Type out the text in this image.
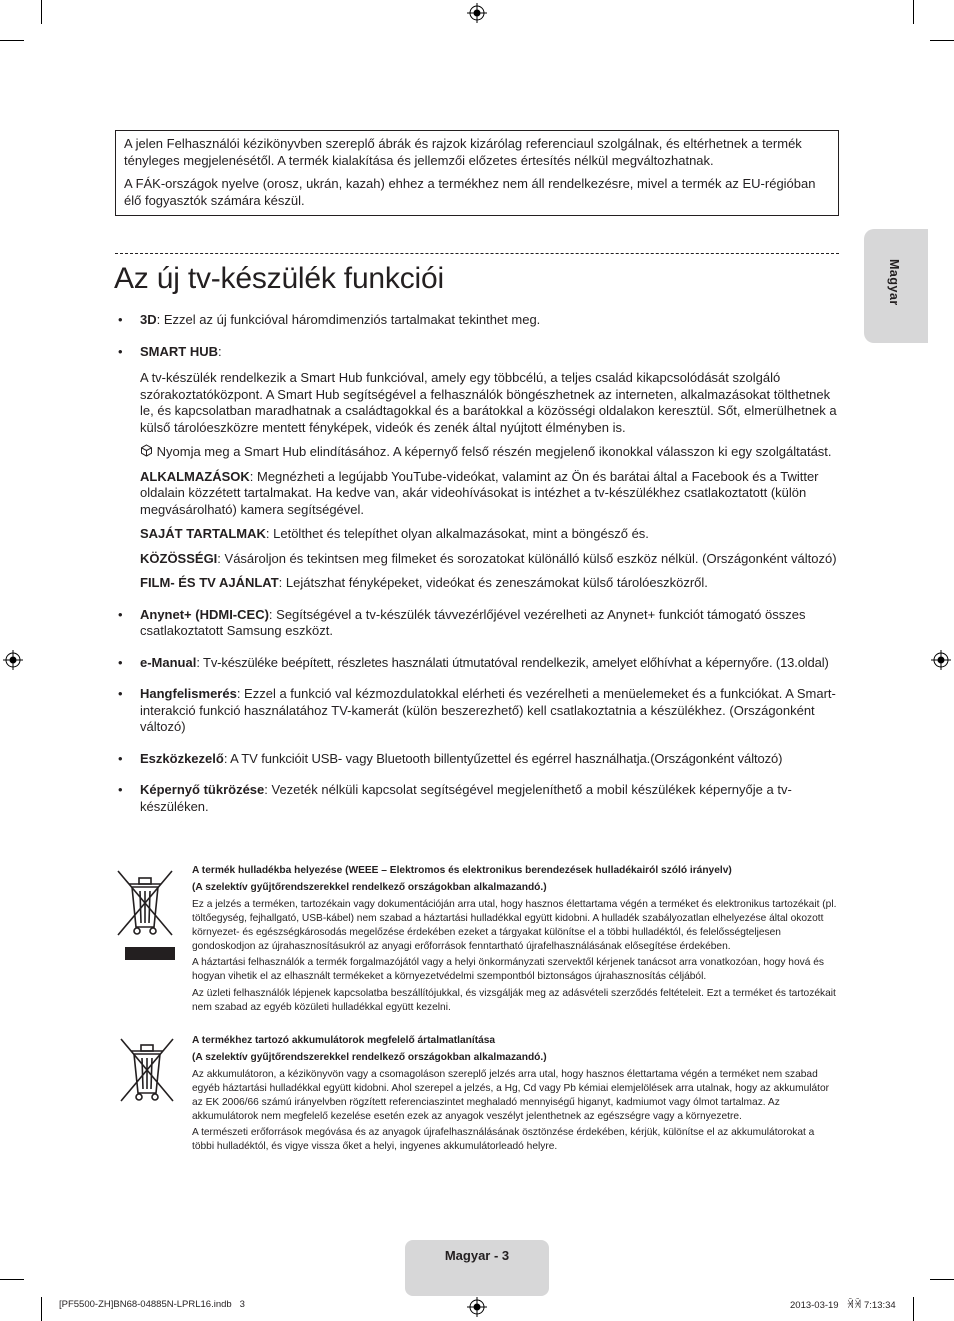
A jelen Felhasználói kézikönyvben szereplő ábrák és rajzok kizárólag referenciaul szolgálnak, és eltérhetnek a termék tényleges megjelenésétől. A termék kialakítása és jellemzői előzetes értesítés nélkül megváltozhatnak.

A FÁK-országok nyelve (orosz, ukrán, kazah) ehhez a termékhez nem áll rendelkezésre, mivel a termék az EU-régióban élő fogyasztók számára készül.

Az új tv-készülék funkciói	Magyar
• 3D: Ezzel az új funkcióval háromdimenziós tartalmakat tekinthet meg.
• SMART HUB:

A tv-készülék rendelkezik a Smart Hub funkcióval, amely egy többcélú, a teljes család kikapcsolódását szolgáló szórakoztatóközpont. A Smart Hub segítségével a felhasználók böngészhetnek az interneten, alkalmazásokat tölthetnek le, és kapcsolatban maradhatnak a családtagokkal és a barátokkal a közösségi oldalakon keresztül. Sőt, elmerülhetnek a külső tárolóeszközre mentett fényképek, videók és zenék által nyújtott élményben is.

Nyomja meg a Smart Hub elindításához. A képernyő felső részén megjelenő ikonokkal válasszon ki egy szolgáltatást.

ALKALMAZÁSOK: Megnézheti a legújabb YouTube-videókat, valamint az Ön és barátai által a Facebook és a Twitter oldalain közzétett tartalmakat. Ha kedve van, akár videohívásokat is intézhet a tv-készülékhez csatlakoztatott (külön megvásárolható) kamera segítségével.

SAJÁT TARTALMAK: Letölthet és telepíthet olyan alkalmazásokat, mint a böngésző és.

KÖZÖSSÉGI: Vásároljon és tekintsen meg filmeket és sorozatokat különálló külső eszköz nélkül. (Országonként változó)

FILM- ÉS TV AJÁNLAT: Lejátszhat fényképeket, videókat és zeneszámokat külső tárolóeszközről.

• Anynet+ (HDMI-CEC): Segítségével a tv-készülék távvezérlőjével vezérelheti az Anynet+ funkciót támogató összes csatlakoztatott Samsung eszközt.
• e-Manual: Tv-készüléke beépített, részletes használati útmutatóval rendelkezik, amelyet előhívhat a képernyőre. (13.oldal)
• Hangfelismerés: Ezzel a funkció val kézmozdulatokkal elérheti és vezérelheti a menüelemeket és a funkciókat. A Smart-interakció funkció használatához TV-kamerát (külön beszerezhető) kell csatlakoztatnia a készülékhez. (Országonként változó)
• Eszközkezelő: A TV funkcióit USB- vagy Bluetooth billentyűzettel és egérrel használhatja.(Országonként változó)
• Képernyő tükrözése: Vezeték nélküli kapcsolat segítségével megjeleníthető a mobil készülékek képernyője a tv-készüléken.

A termék hulladékba helyezése (WEEE – Elektromos és elektronikus berendezések hulladékairól szóló irányelv)

(A szelektív gyűjtőrendszerekkel rendelkező országokban alkalmazandó.)

Ez a jelzés a terméken, tartozékain vagy dokumentációján arra utal, hogy hasznos élettartama végén a terméket és elektronikus tartozékait (pl. töltőegység, fejhallgató, USB-kábel) nem szabad a háztartási hulladékkal együtt kidobni. A hulladék szabályozatlan elhelyezése által okozott környezet- és egészségkárosodás megelőzése érdekében ezeket a tárgyakat különítse el a többi hulladéktól, és felelősségteljesen gondoskodjon az újrahasznosításukról az anyagi erőforrások fenntartható újrafelhasználásának elősegítése érdekében.

A háztartási felhasználók a termék forgalmazójától vagy a helyi önkormányzati szervektől kérjenek tanácsot arra vonatkozóan, hogy hová és hogyan vihetik el az elhasznált termékeket a környezetvédelmi szempontból biztonságos újrahasznosítás céljából.

Az üzleti felhasználók lépjenek kapcsolatba beszállítójukkal, és vizsgálják meg az adásvételi szerződés feltételeit. Ezt a terméket és tartozékait nem szabad az egyéb közületi hulladékkal együtt kezelni.

A termékhez tartozó akkumulátorok megfelelő ártalmatlanítása

(A szelektív gyűjtőrendszerekkel rendelkező országokban alkalmazandó.)

Az akkumulátoron, a kézikönyvön vagy a csomagoláson szereplő jelzés arra utal, hogy hasznos élettartama végén a terméket nem szabad egyéb háztartási hulladékkal együtt kidobni. Ahol szerepel a jelzés, a Hg, Cd vagy Pb kémiai elemjelölések arra utalnak, hogy az akkumulátor az EK 2006/66 számú irányelvben rögzített referenciaszintet meghaladó mennyiségű higanyt, kadmiumot vagy ólmot tartalmaz. Az akkumulátorok nem megfelelő kezelése esetén ezek az anyagok veszélyt jelenthetnek az egészségre vagy a környezetre.

A természeti erőforrások megóvása és az anyagok újrafelhasználásának ösztönzése érdekében, kérjük, különítse el az akkumulátorokat a többi hulladéktól, és vigye vissza őket a helyi, ingyenes akkumulátorleadó helyre.

Magyar - 3
[PF5500-ZH]BN68-04885N-LPRL16.indb   3	2013-03-19   ꈀꈀ 7:13:34
